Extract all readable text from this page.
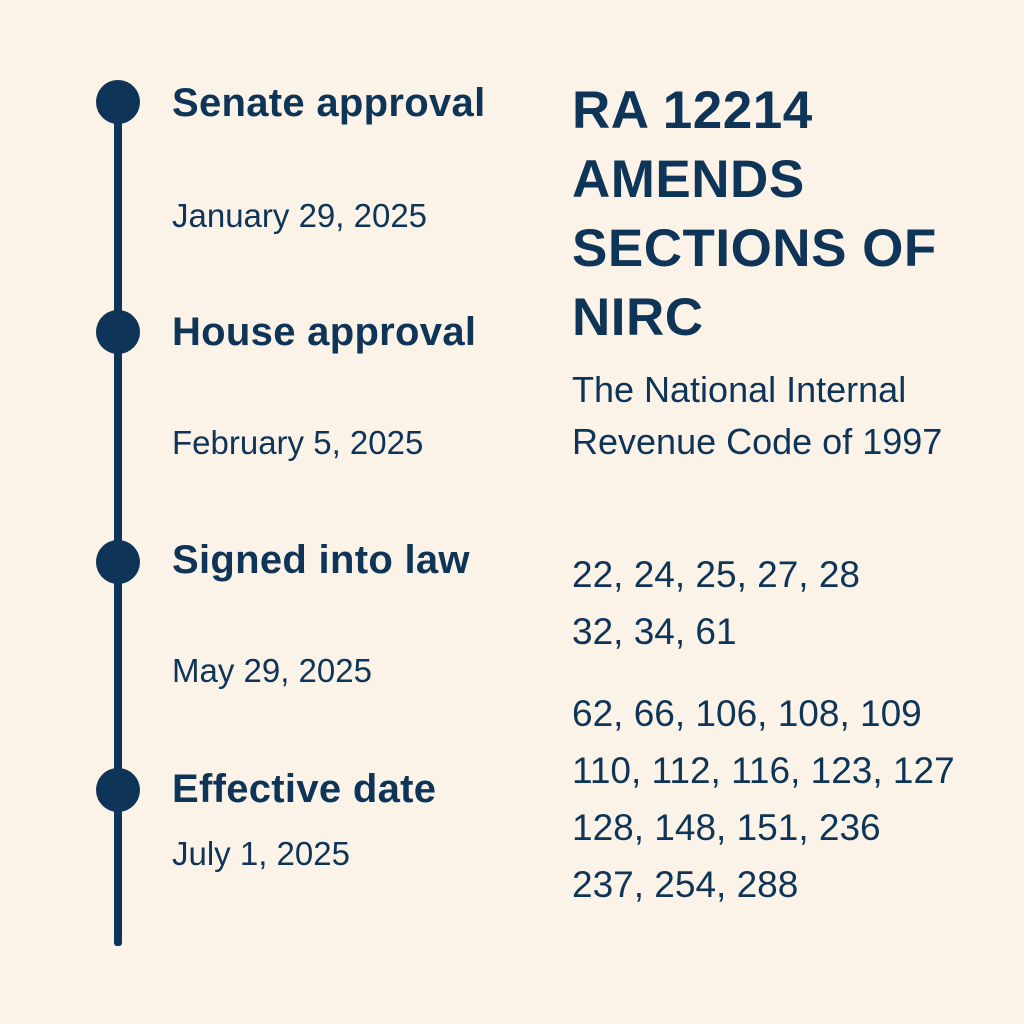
Senate approval
January 29, 2025
House approval
February 5, 2025
Signed into law
May 29, 2025
Effective date
July 1, 2025
RA 12214 AMENDS SECTIONS OF NIRC

The National Internal Revenue Code of 1997

22, 24, 25, 27, 28
32, 34, 61
62, 66, 106, 108, 109
110, 112, 116, 123, 127
128, 148, 151, 236
237, 254, 288
